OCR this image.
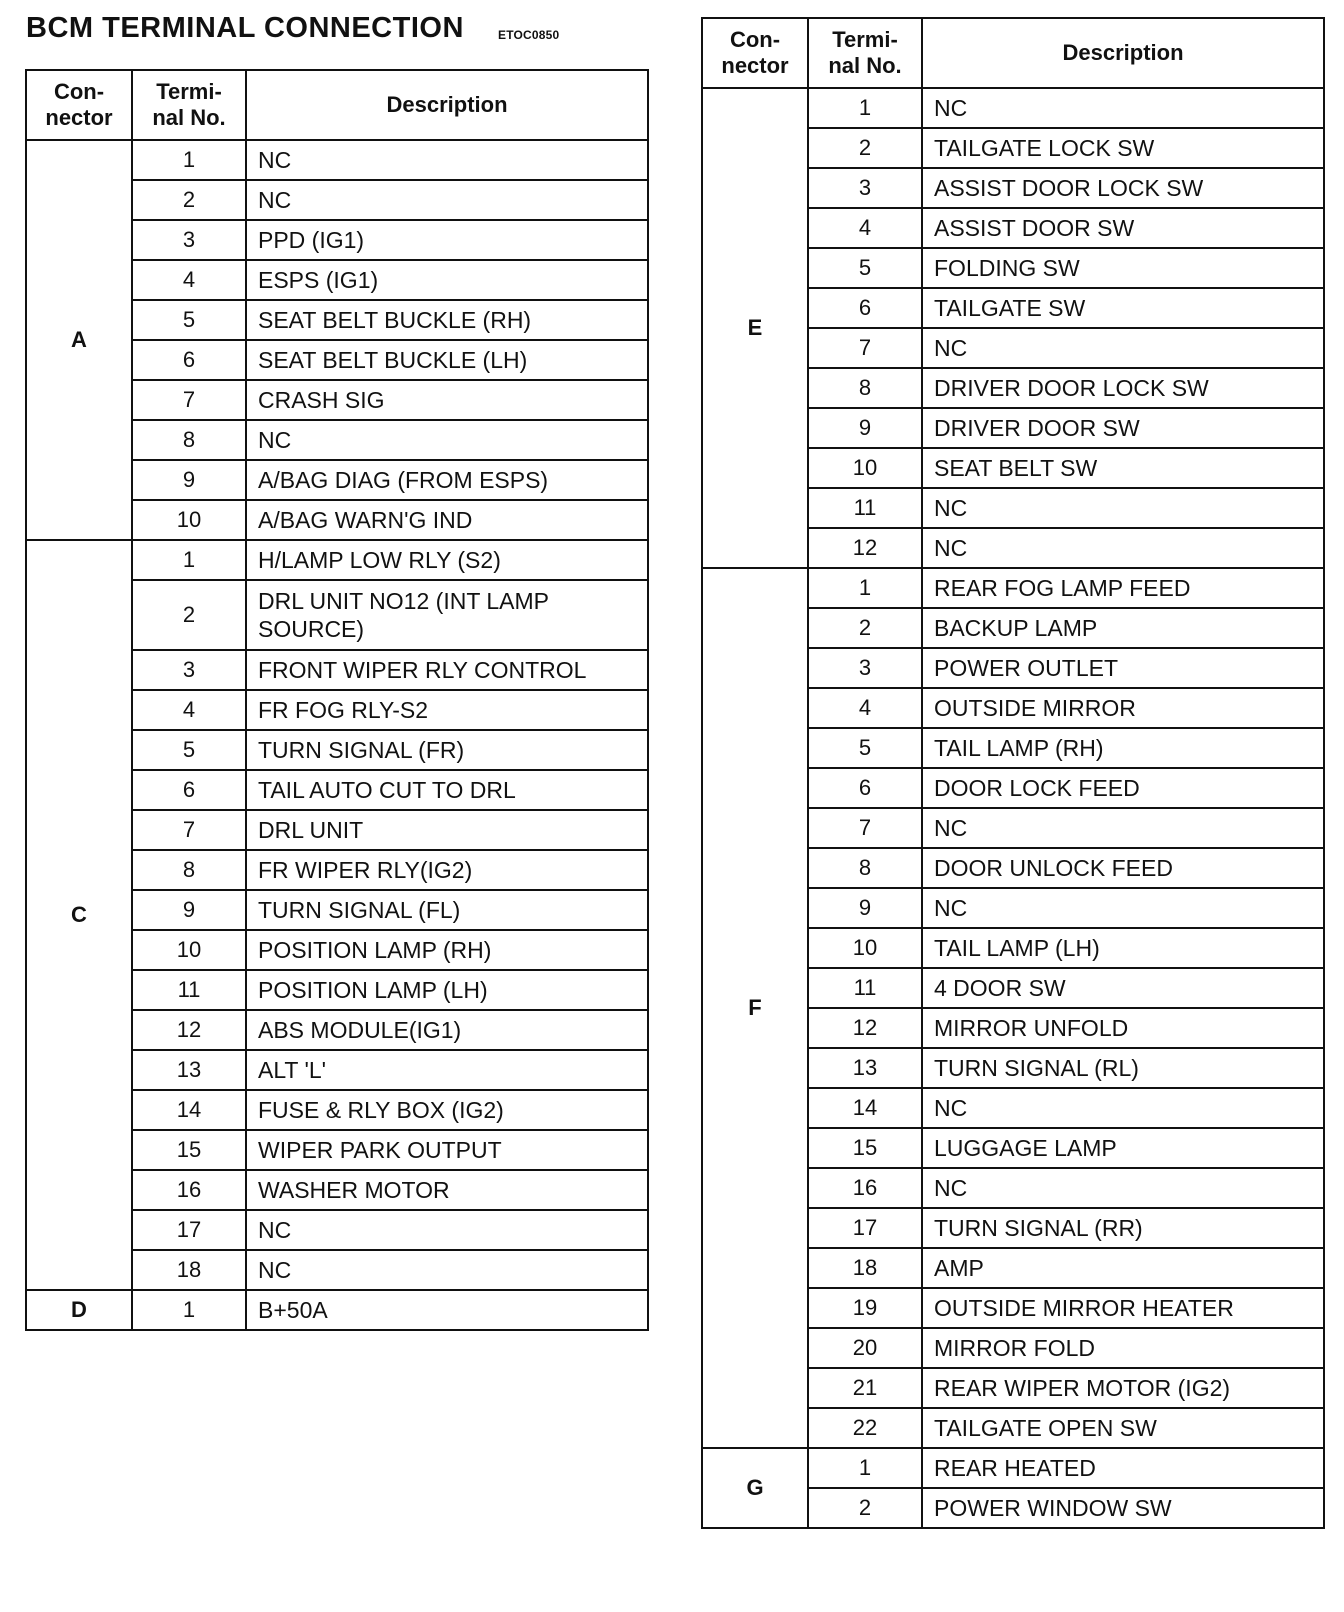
BCM TERMINAL CONNECTION	ETOC0850
Con-
nector	Termi-
nal No.	Description
A	1	NC
	2	NC
	3	PPD (IG1)
	4	ESPS (IG1)
	5	SEAT BELT BUCKLE (RH)
	6	SEAT BELT BUCKLE (LH)
	7	CRASH SIG
	8	NC
	9	A/BAG DIAG (FROM ESPS)
	10	A/BAG WARN'G IND
C	1	H/LAMP LOW RLY (S2)
	2	DRL UNIT NO12 (INT LAMP SOURCE)
	3	FRONT WIPER RLY CONTROL
	4	FR FOG RLY-S2
	5	TURN SIGNAL (FR)
	6	TAIL AUTO CUT TO DRL
	7	DRL UNIT
	8	FR WIPER RLY(IG2)
	9	TURN SIGNAL (FL)
	10	POSITION LAMP (RH)
	11	POSITION LAMP (LH)
	12	ABS MODULE(IG1)
	13	ALT 'L'
	14	FUSE & RLY BOX (IG2)
	15	WIPER PARK OUTPUT
	16	WASHER MOTOR
	17	NC
	18	NC
D	1	B+50A
Con-
nector	Termi-
nal No.	Description
E	1	NC
	2	TAILGATE LOCK SW
	3	ASSIST DOOR LOCK SW
	4	ASSIST DOOR SW
	5	FOLDING SW
	6	TAILGATE SW
	7	NC
	8	DRIVER DOOR LOCK SW
	9	DRIVER DOOR SW
	10	SEAT BELT SW
	11	NC
	12	NC
F	1	REAR FOG LAMP FEED
	2	BACKUP LAMP
	3	POWER OUTLET
	4	OUTSIDE MIRROR
	5	TAIL LAMP (RH)
	6	DOOR LOCK FEED
	7	NC
	8	DOOR UNLOCK FEED
	9	NC
	10	TAIL LAMP (LH)
	11	4 DOOR SW
	12	MIRROR UNFOLD
	13	TURN SIGNAL (RL)
	14	NC
	15	LUGGAGE LAMP
	16	NC
	17	TURN SIGNAL (RR)
	18	AMP
	19	OUTSIDE MIRROR HEATER
	20	MIRROR FOLD
	21	REAR WIPER MOTOR (IG2)
	22	TAILGATE OPEN SW
G	1	REAR HEATED
	2	POWER WINDOW SW
